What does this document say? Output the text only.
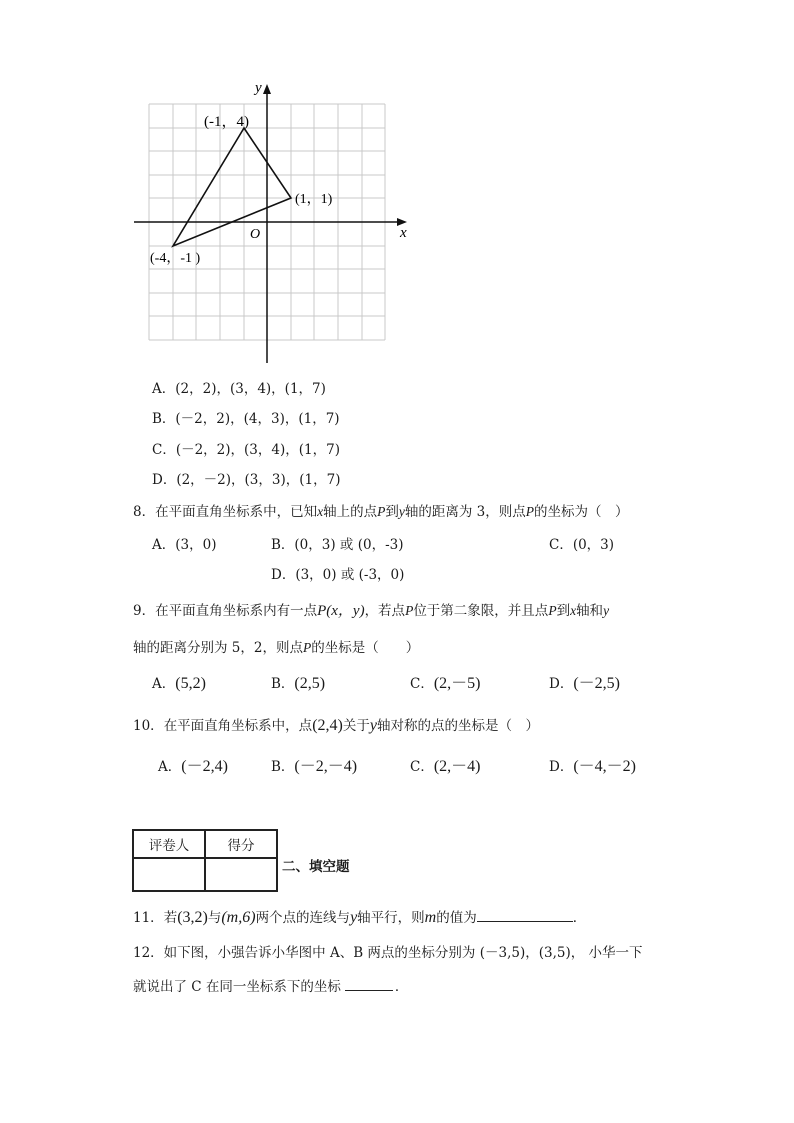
y
x
O
(-1，4)
(1，1)
(-4，-1 )
A．(2，2)，(3，4)，(1，7)
B．(－2，2)，(4，3)，(1，7)
C．(－2，2)，(3，4)，(1，7)
D．(2，－2)，(3，3)，(1，7)
8．在平面直角坐标系中，已知x轴上的点P到y轴的距离为 3，则点P的坐标为（　）
A．(3，0)	B．(0，3) 或 (0，-3)	C．(0，3)
D．(3，0) 或 (-3，0)
9．在平面直角坐标系内有一点P(x，y)，若点P位于第二象限，并且点P到x轴和y
轴的距离分别为 5，2，则点P的坐标是（　　）
A．(5,2)	B．(2,5)	C．(2,－5)	D．(－2,5)
10．在平面直角坐标系中，点(2,4)关于y轴对称的点的坐标是（　）
A．(－2,4)	B．(－2,－4)	C．(2,－4)	D．(－4,－2)
评卷人	得分

二、填空题
11．若(3,2)与(m,6)两个点的连线与y轴平行，则m的值为	．
12．如下图，小强告诉小华图中 A、B 两点的坐标分别为 (－3,5)，(3,5)， 小华一下
就说出了 C 在同一坐标系下的坐标	．
